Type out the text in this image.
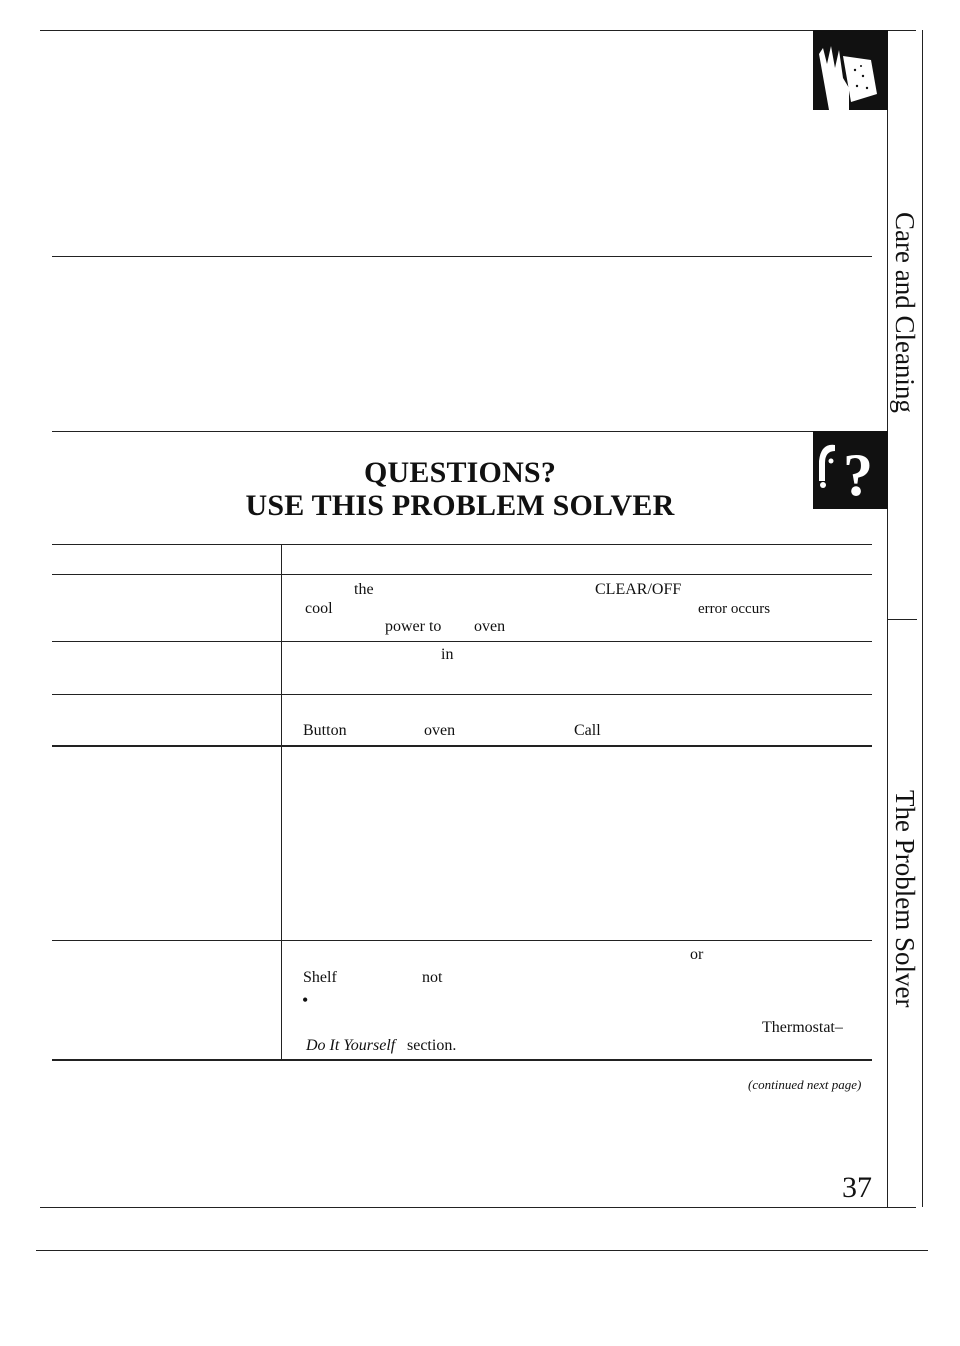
?
QUESTIONS?
USE THIS PROBLEM SOLVER
Care and Cleaning
The Problem Solver
the	CLEAR/OFF
cool	error occurs
power to oven
in
Button	oven	Call
or
Shelf	not
•
Thermostat–
Do It Yourself section.
(continued next page)
37
